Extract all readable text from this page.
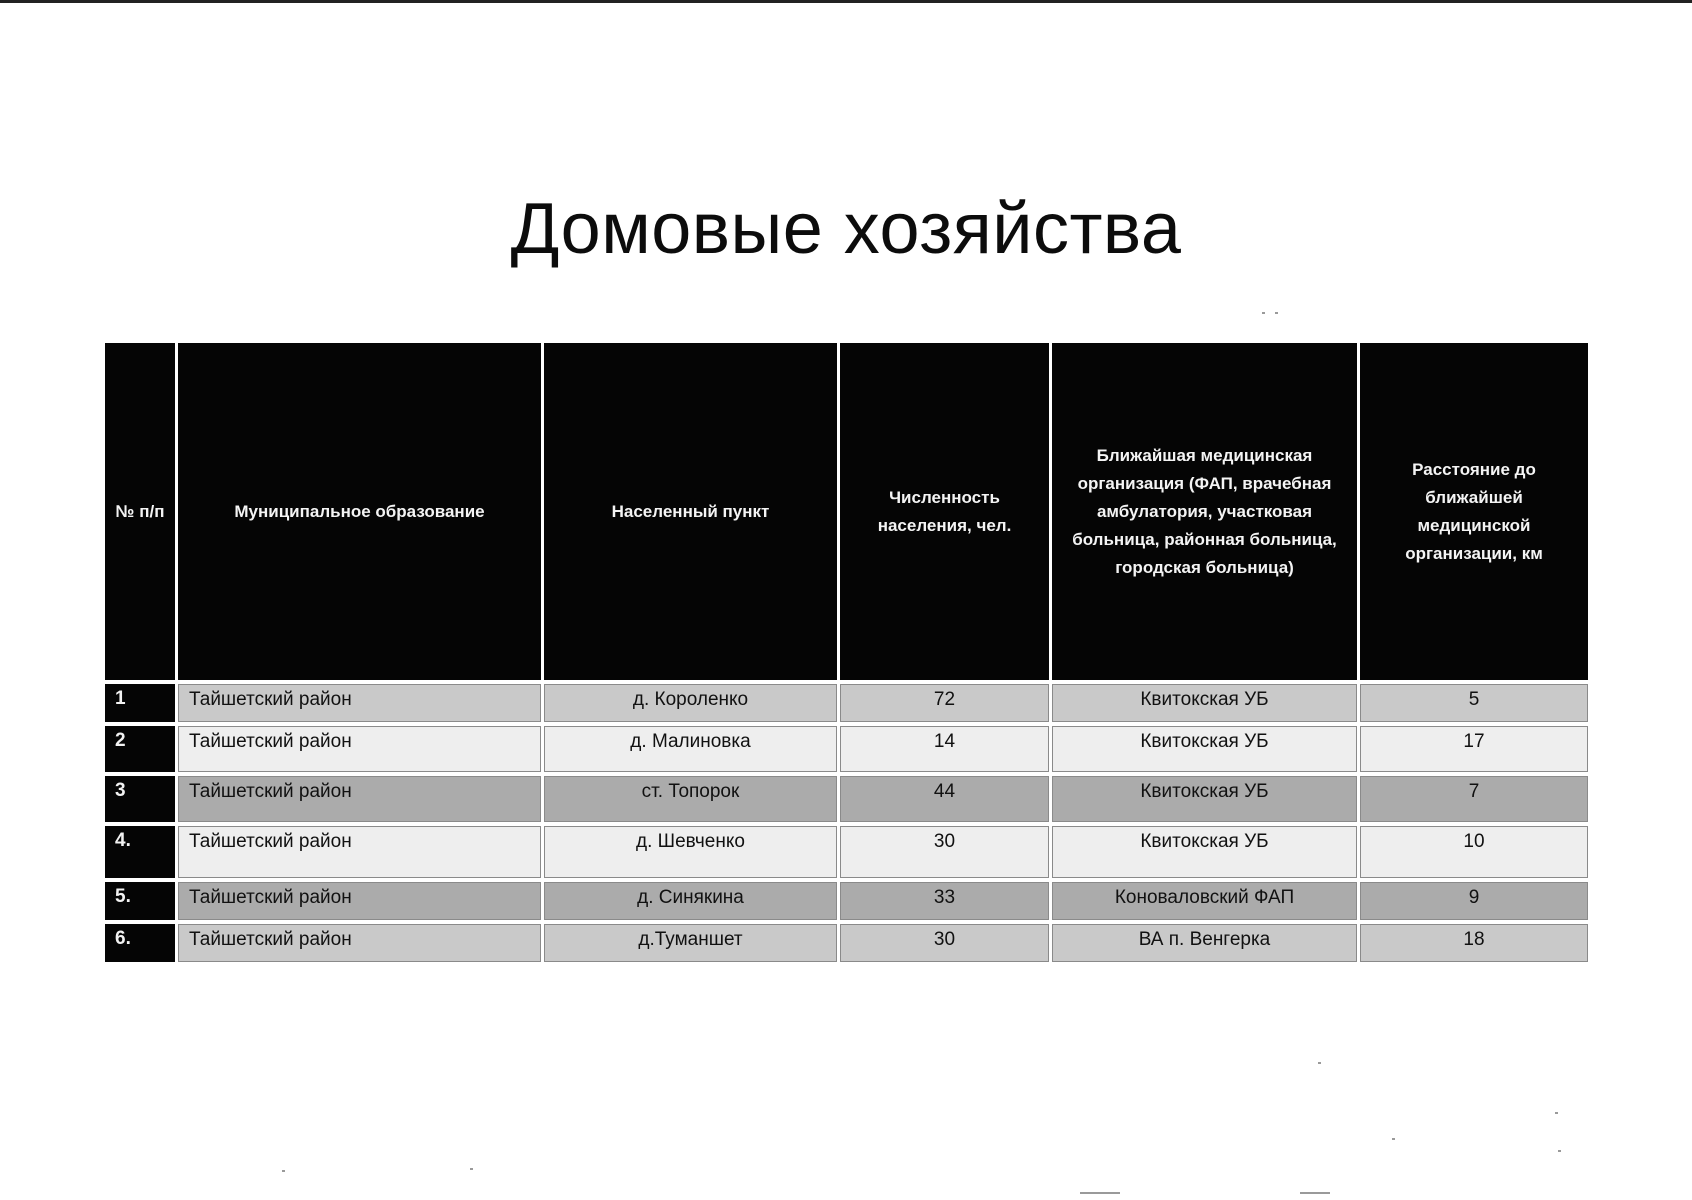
Домовые хозяйства
№ п/п	Муниципальное образование	Населенный пункт	Численность населения, чел.	Ближайшая медицинская организация (ФАП, врачебная амбулатория, участковая больница, районная больница, городская больница)	Расстояние до ближайшей медицинской организации, км
1	Тайшетский район	д. Короленко	72	Квитокская УБ	5
2	Тайшетский район	д. Малиновка	14	Квитокская УБ	17
3	Тайшетский район	ст. Топорок	44	Квитокская УБ	7
4.	Тайшетский район	д. Шевченко	30	Квитокская УБ	10
5.	Тайшетский район	д. Синякина	33	Коноваловский ФАП	9
6.	Тайшетский район	д.Туманшет	30	ВА п. Венгерка	18
